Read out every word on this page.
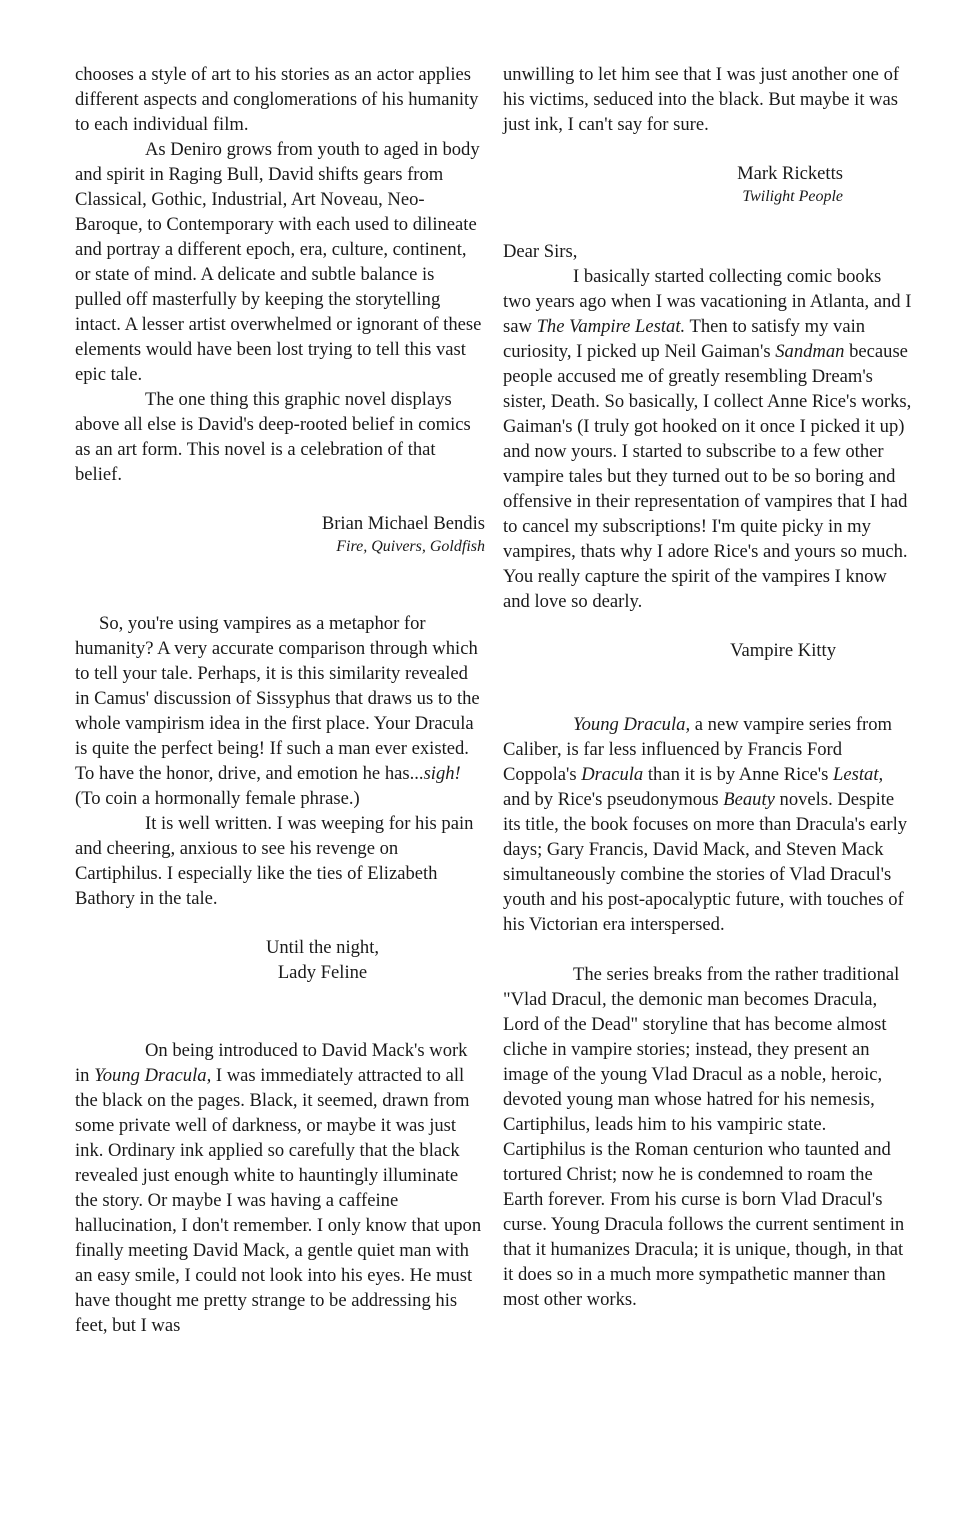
chooses a style of art to his stories as an actor applies different aspects and conglomerations of his humanity to each individual film.

As Deniro grows from youth to aged in body and spirit in Raging Bull, David shifts gears from Classical, Gothic, Industrial, Art Noveau, Neo-Baroque, to Contemporary with each used to dilineate and portray a different epoch, era, culture, continent, or state of mind. A delicate and subtle balance is pulled off masterfully by keeping the storytelling intact. A lesser artist overwhelmed or ignorant of these elements would have been lost trying to tell this vast epic tale.

The one thing this graphic novel displays above all else is David's deep-rooted belief in comics as an art form. This novel is a celebration of that belief.

Brian Michael Bendis
Fire, Quivers, Goldfish

So, you're using vampires as a metaphor for humanity? A very accurate comparison through which to tell your tale. Perhaps, it is this similarity revealed in Camus' discussion of Sissyphus that draws us to the whole vampirism idea in the first place. Your Dracula is quite the perfect being! If such a man ever existed. To have the honor, drive, and emotion he has...sigh! (To coin a hormonally female phrase.)

It is well written. I was weeping for his pain and cheering, anxious to see his revenge on Cartiphilus. I especially like the ties of Elizabeth Bathory in the tale.

Until the night,
Lady Feline

On being introduced to David Mack's work in Young Dracula, I was immediately attracted to all the black on the pages. Black, it seemed, drawn from some private well of darkness, or maybe it was just ink. Ordinary ink applied so carefully that the black revealed just enough white to hauntingly illuminate the story. Or maybe I was having a caffeine hallucination, I don't remember. I only know that upon finally meeting David Mack, a gentle quiet man with an easy smile, I could not look into his eyes. He must have thought me pretty strange to be addressing his feet, but I was

unwilling to let him see that I was just another one of his victims, seduced into the black. But maybe it was just ink, I can't say for sure.

Mark Ricketts
Twilight People

Dear Sirs,

I basically started collecting comic books two years ago when I was vacationing in Atlanta, and I saw The Vampire Lestat. Then to satisfy my vain curiosity, I picked up Neil Gaiman's Sandman because people accused me of greatly resembling Dream's sister, Death. So basically, I collect Anne Rice's works, Gaiman's (I truly got hooked on it once I picked it up) and now yours. I started to subscribe to a few other vampire tales but they turned out to be so boring and offensive in their representation of vampires that I had to cancel my subscriptions! I'm quite picky in my vampires, thats why I adore Rice's and yours so much. You really capture the spirit of the vampires I know and love so dearly.

Vampire Kitty

Young Dracula, a new vampire series from Caliber, is far less influenced by Francis Ford Coppola's Dracula than it is by Anne Rice's Lestat, and by Rice's pseudonymous Beauty novels. Despite its title, the book focuses on more than Dracula's early days; Gary Francis, David Mack, and Steven Mack simultaneously combine the stories of Vlad Dracul's youth and his post-apocalyptic future, with touches of his Victorian era interspersed.

The series breaks from the rather traditional "Vlad Dracul, the demonic man becomes Dracula, Lord of the Dead" storyline that has become almost cliche in vampire stories; instead, they present an image of the young Vlad Dracul as a noble, heroic, devoted young man whose hatred for his nemesis, Cartiphilus, leads him to his vampiric state. Cartiphilus is the Roman centurion who taunted and tortured Christ; now he is condemned to roam the Earth forever. From his curse is born Vlad Dracul's curse. Young Dracula follows the current sentiment in that it humanizes Dracula; it is unique, though, in that it does so in a much more sympathetic manner than most other works.
